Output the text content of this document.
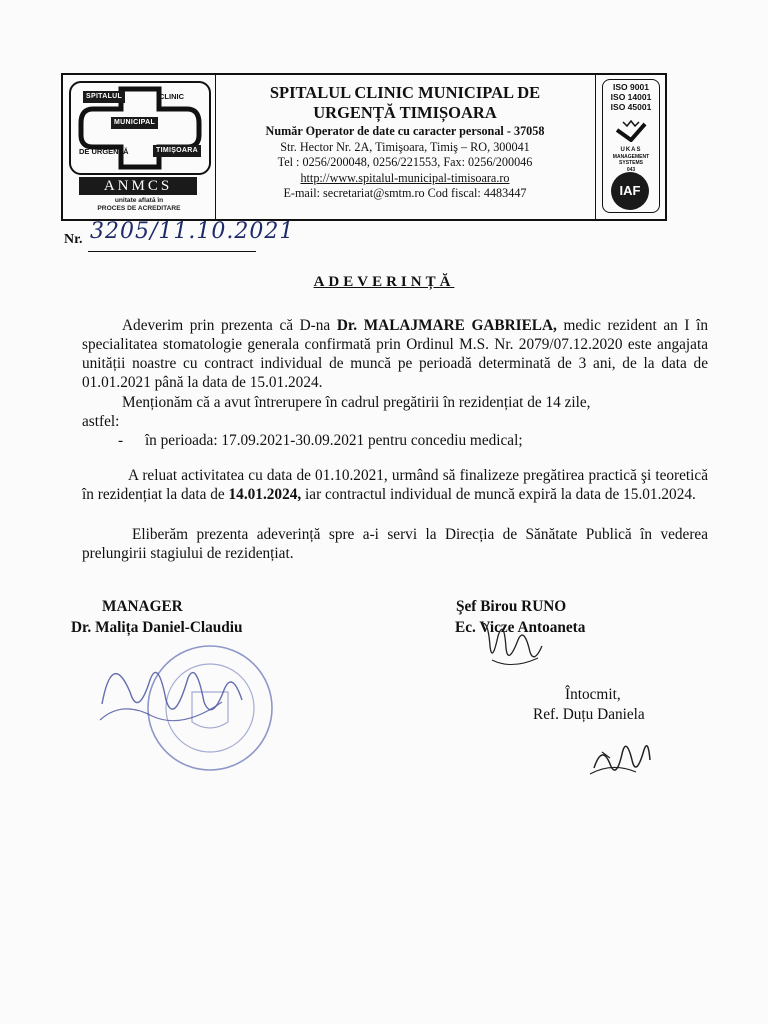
SPITALUL	CLINIC
MUNICIPAL
DE URGENȚĂ	TIMIȘOARA
ANMCS
unitate aflată în
PROCES DE ACREDITARE
SPITALUL CLINIC MUNICIPAL DE
URGENȚĂ TIMIȘOARA
Număr Operator de date cu caracter personal - 37058
Str. Hector Nr. 2A, Timişoara, Timiş – RO, 300041
Tel : 0256/200048, 0256/221553, Fax: 0256/200046
http://www.spitalul-municipal-timisoara.ro
E-mail: secretariat@smtm.ro Cod fiscal: 4483447
ISO 9001
ISO 14001
ISO 45001
UKAS
MANAGEMENT
SYSTEMS
043
IAF
Nr. 3205/11.10.2021
ADEVERINȚĂ
Adeverim prin prezenta că D-na Dr. MALAJMARE GABRIELA, medic rezident an I în specialitatea stomatologie generala confirmată prin Ordinul M.S. Nr. 2079/07.12.2020 este angajata unității noastre cu contract individual de muncă pe perioadă determinată de 3 ani, de la data de 01.01.2021 până la data de 15.01.2024.
Menționăm că a avut întrerupere în cadrul pregătirii în rezidențiat de 14 zile,
astfel:
- în perioada: 17.09.2021-30.09.2021 pentru concediu medical;
A reluat activitatea cu data de 01.10.2021, urmând să finalizeze pregătirea practică şi teoretică în rezidențiat la data de 14.01.2024, iar contractul individual de muncă expiră la data de 15.01.2024.
Eliberăm prezenta adeverință spre a-i servi la Direcția de Sănătate Publică în vederea prelungirii stagiului de rezidențiat.
MANAGER
Dr. Malița Daniel-Claudiu
Şef Birou RUNO
Ec. Vicze Antoaneta
Întocmit,
Ref. Duțu Daniela
